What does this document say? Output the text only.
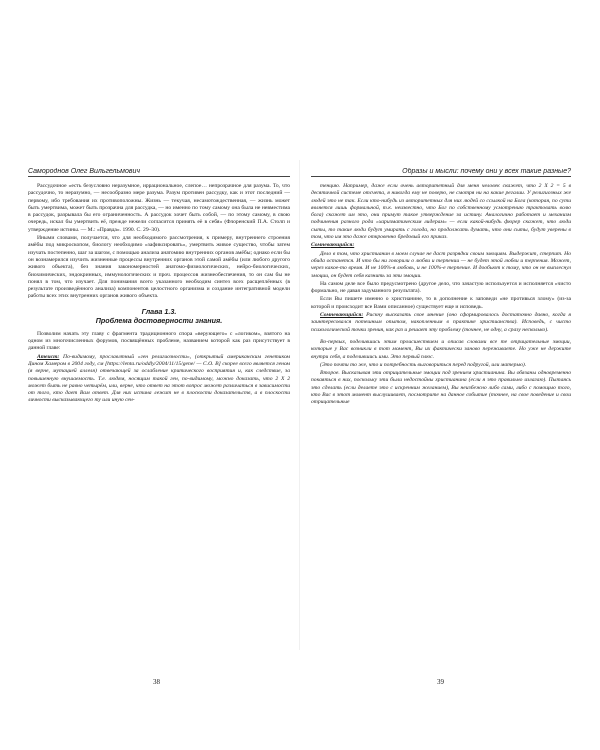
Самороднов Олег Вильгельмович

Рассудочное «есть безусловно неразумное, иррациональное, слепое… непрозрачное для разума. То, что рассудочно, то неразумно, — несообразно мере разума. Разум противен рассудку, как и этот последний — первому, ибо требования их противоположны. Жизнь — текучая, несамотождественная, — жизнь может быть умертвима, может быть прозрачна для рассудка, — но именно по тому самому она была не невместима в рассудок, разрывала бы его ограниченность. А рассудок хочет быть собой, — по этому самому, в свою очередь, искал бы умертвить её, прежде нежели согласится принять её в себя» (Флоренский П.А. Столп и утверждение истины. — М.: «Правда». 1990. С. 29–30).

Иными словами, получается, что для необходимого рассмотрения, к примеру, внутреннего строения амёбы под микроскопом, биологу необходимо «зафиксировать», умертвить живое существо, чтобы затем изучать постепенно, шаг за шагом, с помощью анализа анатомию внутренних органов амёбы; однако если бы он вознамерился изучить жизненные процессы внутренних органов этой самой амёбы (или любого другого живого объекта), без знания закономерностей анатомо-физиологических, нейро-биологических, биохимических, эндокринных, иммунологических и проч. процессов жизнеобеспечения, то он сам бы не понял в том, что изучает. Для понимания всего указанного необходим синтез всех расщеплённых (в результате произведённого анализа) компонентов целостного организма и создание интегративной модели работы всех этих внутренних органов живого объекта.

Глава 1.3.
Проблема достоверности знания.

Позволим начать эту главу с фрагмента традиционного спора «верующего» с «логиком», взятого на одном из многочисленных форумов, посвящённых проблеме, названием которой как раз присутствует в данной главе:

Атеист: По-видимому, прославлтный «ген религиозности», (открытый американским генетиком Дином Хамером в 2004 году, см [https://lenta.ru/oddly/2004/11/15/gene/ — С.О. В] скорее всего является геном (я верне, мутацией аллеля) отвечающей за ослабление критического восприятия и, как следствие, за повышенную внушаемость. Т.е. людям, носящим такой ген, по-видимому, можно доказать, что 2 Х 2 может быть не равно четырём, или, верне, что ответ на этот вопрос может различаться в зависимости от того, кто дает Вам ответ. Для них истина лежит не в плоскости доказательств, а в плоскости личности высказывающего ту или иную сен-

Образы и мысли: почему они у всех такие разные?

тенцию. Например, даже если очень авторитетный для меня человек скажет, что 2 Х 2 = 5 в десятичной системе отсчета, я никогда ему не поверю, не смотря ни на какие регалии. У религиозных же людей это не так. Если кто-нибудь из авторитетных для них людей со ссылкой на Бога (которая, по сути является лишь формальной, т.к. неизвестно, что Бог по собственному усмотрению трактовать волю бога) скажет им это, они примут такое утверждение за истину. Аналогично работает и механизм подчинения разного рода «харизматическим лидерам» — если какой-нибудь фюрер скажет, что люди сыты, то такие люди будут умирать с голода, но продолжать думать, что они сыты, будут уверены в том, что им это даже откровенно бредовый его приказ.

Сомневающийся:

Дело в том, что христианин в моем случае не даст разрядки своим эмоциям. Выдержит, стерпит. Но обида останется. И что бы ни говорили о любви и терпении — не будет этой любви и терпения. Может, через какое-то время. И не 100%-я любовь, и не 100%-е терпение. И дообьют к тому, что он не выплеснул эмоции, он будет себя казнить за эти эмоции.

На самом деле все было предусмотрено (другое дело, что зачастую используется и исполняется «чисто формально, не давая задуманного результата).

Если Вы пишете именно о христианине, то в дополнение к заповеди «не противься злому» (из-за которой и происходит все Вами описанное) существует еще и исповедь.

Сомневающийся: Рискну высказать свое мнение (оно сформировалось достаточно давно, когда я заинтересовался потешным опытом, накопленным в практике христианства). Исповедь, с чисто психологической точки зрения, как раз и решает эту проблему (точнее, не одну, а сразу несколько).

Во-первых, поделившись этим происшествием и описав словами все те отрицательные эмоции, которые у Вас возникли в тот момент, Вы их фактически заново переживаете. Но уже не держите внутри себя, а поделившись ими. Это первый плюс.

(Это почти то же, что и потребность выговориться перед подругой, или матерью).

Второе. Высказывая эти отрицательные эмоции под зрением христианина. Вы обязаны одновременно покаяться в них, поскольку эти были недостойны христианина (если я это правильно излагаю). Пытаясь это сделать (если делаете это с искренним желанием), Вы неизбежно либо сами, либо с помощью того, кто Вас в этот момент выслушивает, посмотрите на данное событие (точнее, на свое поведение и свои отрицательные

38	39
